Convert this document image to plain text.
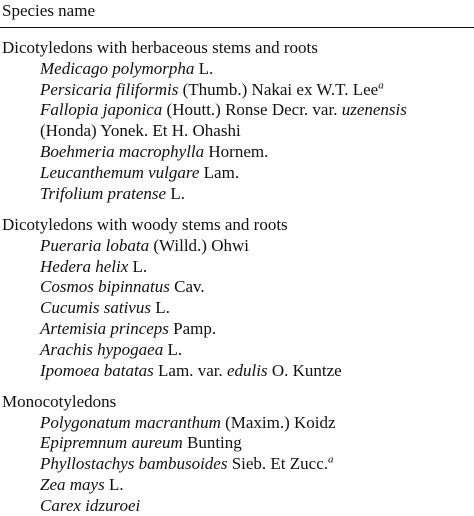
Species name
Dicotyledons with herbaceous stems and roots
Medicago polymorpha L.
Persicaria filiformis (Thumb.) Nakai ex W.T. Lee$^a$
Fallopia japonica (Houtt.) Ronse Decr. var. uzenensis
(Honda) Yonek. Et H. Ohashi
Boehmeria macrophylla Hornem.
Leucanthemum vulgare Lam.
Trifolium pratense L.
Dicotyledons with woody stems and roots
Pueraria lobata (Willd.) Ohwi
Hedera helix L.
Cosmos bipinnatus Cav.
Cucumis sativus L.
Artemisia princeps Pamp.
Arachis hypogaea L.
Ipomoea batatas Lam. var. edulis O. Kuntze
Monocotyledons
Polygonatum macranthum (Maxim.) Koidz
Epipremnum aureum Bunting
Phyllostachys bambusoides Sieb. Et Zucc.$^a$
Zea mays L.
Carex idzuroei
